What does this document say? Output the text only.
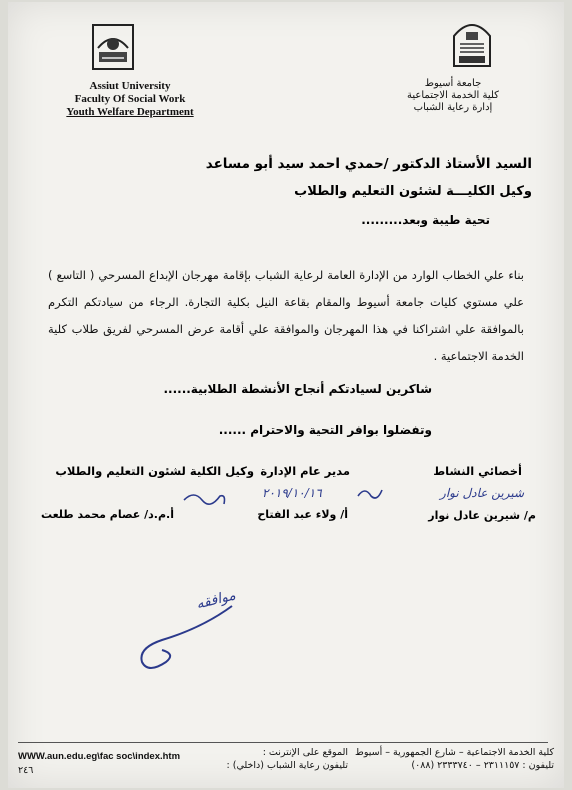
Assiut University
Faculty Of Social Work
Youth Welfare Department
جامعة أسيوط
كلية الخدمة الاجتماعية
إدارة رعاية الشباب
السيد الأستاذ الدكتور /حمدي احمد سيد أبو مساعد
وكيل الكليـــة لشئون التعليم والطلاب
تحية طيبة وبعد.........
بناء علي الخطاب الوارد من الإدارة العامة لرعاية الشباب بإقامة مهرجان الإبداع المسرحي ( التاسع ) علي مستوي كليات جامعة أسيوط والمقام بقاعة النيل بكلية التجارة. الرجاء من سيادتكم التكرم بالموافقة علي اشتراكنا في هذا المهرجان والموافقة علي أقامة عرض المسرحي لفريق طلاب كلية الخدمة الاجتماعية .
شاكرين لسيادتكم أنجاح الأنشطة الطلابية......
وتفضلوا بوافر التحية والاحترام ......
أخصائي النشاط
مدير عام الإدارة
وكيل الكلية لشئون التعليم والطلاب
شيرين عادل نوار
٢٠١٩/١٠/١٦
م/ شيرين عادل نوار
أ/ ولاء عبد الفتاح
أ.م.د/ عصام محمد طلعت
موافقه
كلية الخدمة الاجتماعية – شارع الجمهورية – أسيوط
تليفون : ٢٣١١١٥٧ – ٢٣٣٣٧٤٠ (٠٨٨)
الموقع على الإنترنت :
تليفون رعاية الشباب (داخلي) :
WWW.aun.edu.eg\fac soc\index.htm
٢٤٦
